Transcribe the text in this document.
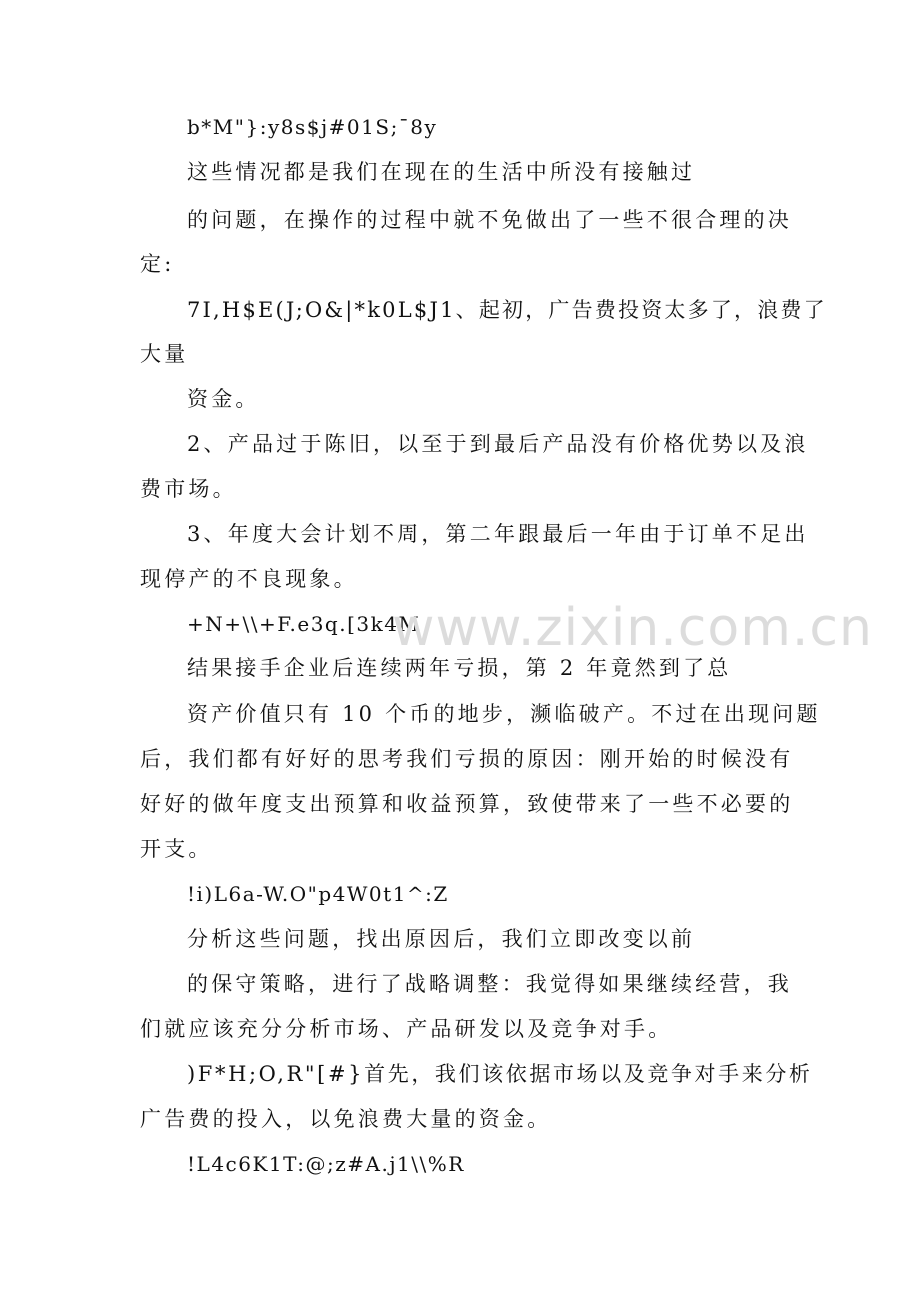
b*M"}:y8s$j#01S;¯8y
这些情况都是我们在现在的生活中所没有接触过
的问题，在操作的过程中就不免做出了一些不很合理的决
定:
7I,H$E(J;O&|*k0L$J1、起初，广告费投资太多了，浪费了
大量
资金。
2、产品过于陈旧，以至于到最后产品没有价格优势以及浪
费市场。
3、年度大会计划不周，第二年跟最后一年由于订单不足出
现停产的不良现象。
+N+\\+F.e3q.[3k4M
结果接手企业后连续两年亏损，第 2 年竟然到了总
资产价值只有 10 个币的地步，濒临破产。不过在出现问题
后，我们都有好好的思考我们亏损的原因：刚开始的时候没有
好好的做年度支出预算和收益预算，致使带来了一些不必要的
开支。
!i)L6a-W.O"p4W0t1^:Z
分析这些问题，找出原因后，我们立即改变以前
的保守策略，进行了战略调整：我觉得如果继续经营，我
们就应该充分分析市场、产品研发以及竞争对手。
)F*H;O,R"[#}首先，我们该依据市场以及竞争对手来分析
广告费的投入，以免浪费大量的资金。
!L4c6K1T:@;z#A.j1\\%R
www.zixin.com.cn
